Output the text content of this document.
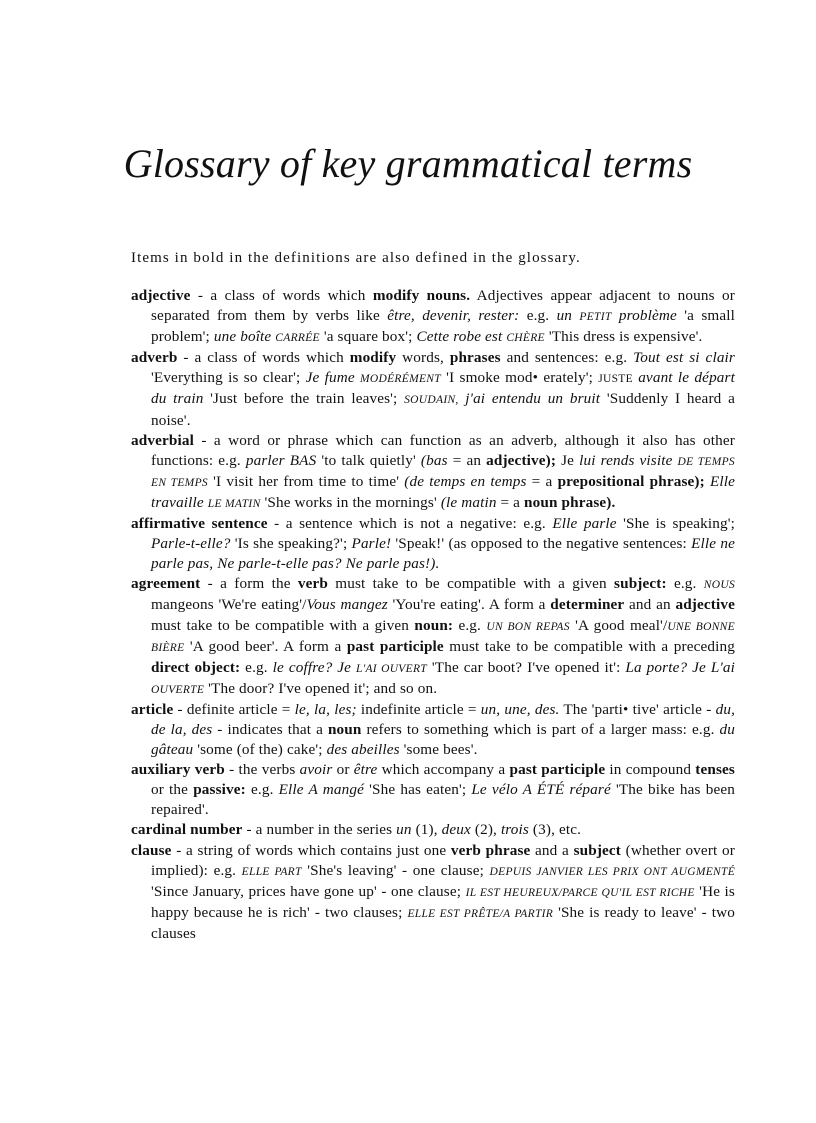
Glossary of key grammatical terms

Items in bold in the definitions are also defined in the glossary.

adjective - a class of words which modify nouns. Adjectives appear adjacent to nouns or separated from them by verbs like être, devenir, rester: e.g. un PETIT problème 'a small problem'; une boîte CARRÉE 'a square box'; Cette robe est CHÈRE 'This dress is expensive'.

adverb - a class of words which modify words, phrases and sentences: e.g. Tout est si clair 'Everything is so clear'; Je fume MODÉRÉMENT 'I smoke mod• erately'; JUSTE avant le départ du train 'Just before the train leaves'; SOUDAIN, j'ai entendu un bruit 'Suddenly I heard a noise'.

adverbial - a word or phrase which can function as an adverb, although it also has other functions: e.g. parler BAS 'to talk quietly' (bas = an adjective); Je lui rends visite DE TEMPS EN TEMPS 'I visit her from time to time' (de temps en temps = a prepositional phrase); Elle travaille LE MATIN 'She works in the mornings' (le matin = a noun phrase).

affirmative sentence - a sentence which is not a negative: e.g. Elle parle 'She is speaking'; Parle-t-elle? 'Is she speaking?'; Parle! 'Speak!' (as opposed to the negative sentences: Elle ne parle pas, Ne parle-t-elle pas? Ne parle pas!).

agreement - a form the verb must take to be compatible with a given subject: e.g. NOUS mangeons 'We're eating'/Vous mangez 'You're eating'. A form a determiner and an adjective must take to be compatible with a given noun: e.g. UN BON REPAS 'A good meal'/UNE BONNE BIÈRE 'A good beer'. A form a past participle must take to be compatible with a preceding direct object: e.g. le coffre? Je L'AI OUVERT 'The car boot? I've opened it': La porte? Je L'ai OUVERTE 'The door? I've opened it'; and so on.

article - definite article = le, la, les; indefinite article = un, une, des. The 'parti• tive' article - du, de la, des - indicates that a noun refers to something which is part of a larger mass: e.g. du gâteau 'some (of the) cake'; des abeilles 'some bees'.

auxiliary verb - the verbs avoir or être which accompany a past participle in compound tenses or the passive: e.g. Elle A mangé 'She has eaten'; Le vélo A ÉTÉ réparé 'The bike has been repaired'.

cardinal number - a number in the series un (1), deux (2), trois (3), etc.

clause - a string of words which contains just one verb phrase and a subject (whether overt or implied): e.g. ELLE PART 'She's leaving' - one clause; DEPUIS JANVIER LES PRIX ONT AUGMENTÉ 'Since January, prices have gone up' - one clause; IL EST HEUREUX/PARCE QU'IL EST RICHE 'He is happy because he is rich' - two clauses; ELLE EST PRÊTE/A PARTIR 'She is ready to leave' - two clauses
